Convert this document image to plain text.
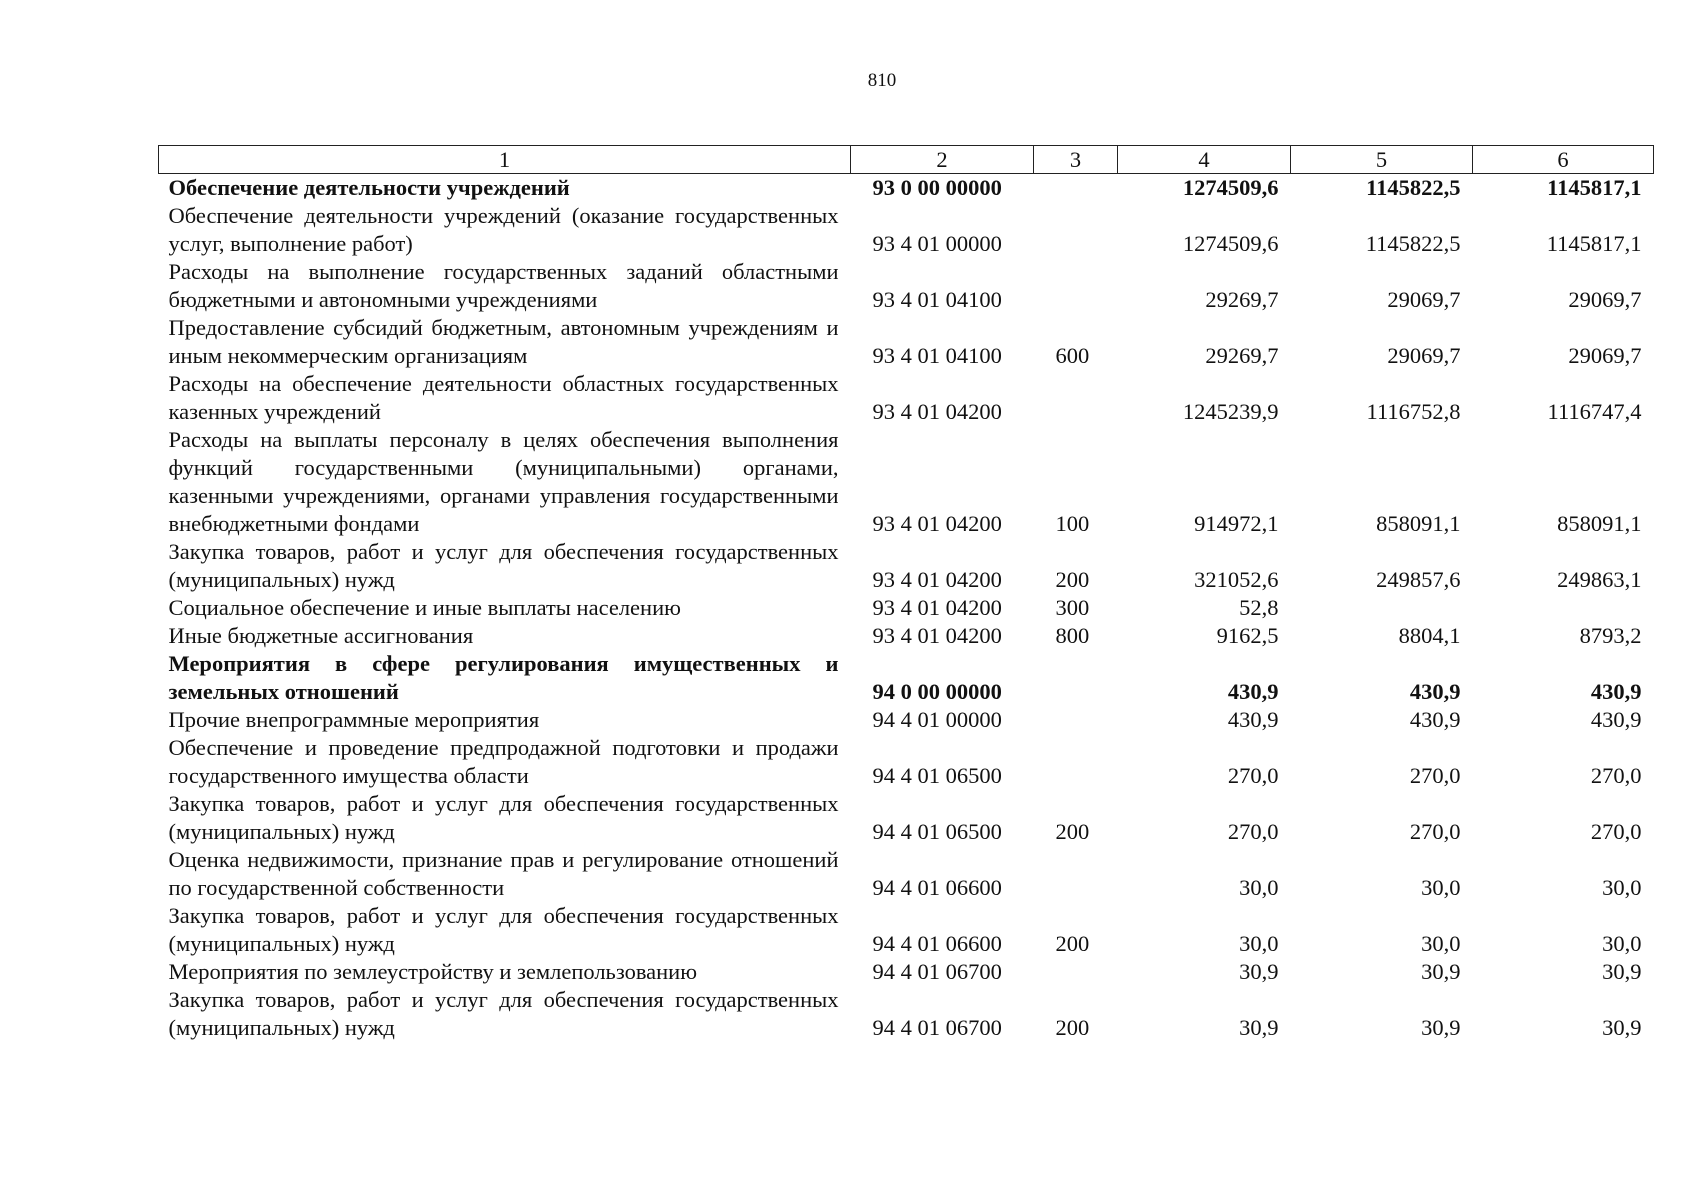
810
1	2	3	4	5	6
Обеспечение деятельности учреждений	93 0 00 00000		1274509,6	1145822,5	1145817,1
Обеспечение деятельности учреждений (оказание государственных услуг, выполнение работ)	93 4 01 00000		1274509,6	1145822,5	1145817,1
Расходы на выполнение государственных заданий областными бюджетными и автономными учреждениями	93 4 01 04100		29269,7	29069,7	29069,7
Предоставление субсидий бюджетным, автономным учреждениям и иным некоммерческим организациям	93 4 01 04100	600	29269,7	29069,7	29069,7
Расходы на обеспечение деятельности областных государственных казенных учреждений	93 4 01 04200		1245239,9	1116752,8	1116747,4
Расходы на выплаты персоналу в целях обеспечения выполнения функций государственными (муниципальными) органами, казенными учреждениями, органами управления государственными внебюджетными фондами	93 4 01 04200	100	914972,1	858091,1	858091,1
Закупка товаров, работ и услуг для обеспечения государственных (муниципальных) нужд	93 4 01 04200	200	321052,6	249857,6	249863,1
Социальное обеспечение и иные выплаты населению	93 4 01 04200	300	52,8		
Иные бюджетные ассигнования	93 4 01 04200	800	9162,5	8804,1	8793,2
Мероприятия в сфере регулирования имущественных и земельных отношений	94 0 00 00000		430,9	430,9	430,9
Прочие внепрограммные мероприятия	94 4 01 00000		430,9	430,9	430,9
Обеспечение и проведение предпродажной подготовки и продажи государственного имущества области	94 4 01 06500		270,0	270,0	270,0
Закупка товаров, работ и услуг для обеспечения государственных (муниципальных) нужд	94 4 01 06500	200	270,0	270,0	270,0
Оценка недвижимости, признание прав и регулирование отношений по государственной собственности	94 4 01 06600		30,0	30,0	30,0
Закупка товаров, работ и услуг для обеспечения государственных (муниципальных) нужд	94 4 01 06600	200	30,0	30,0	30,0
Мероприятия по землеустройству и землепользованию	94 4 01 06700		30,9	30,9	30,9
Закупка товаров, работ и услуг для обеспечения государственных (муниципальных) нужд	94 4 01 06700	200	30,9	30,9	30,9
